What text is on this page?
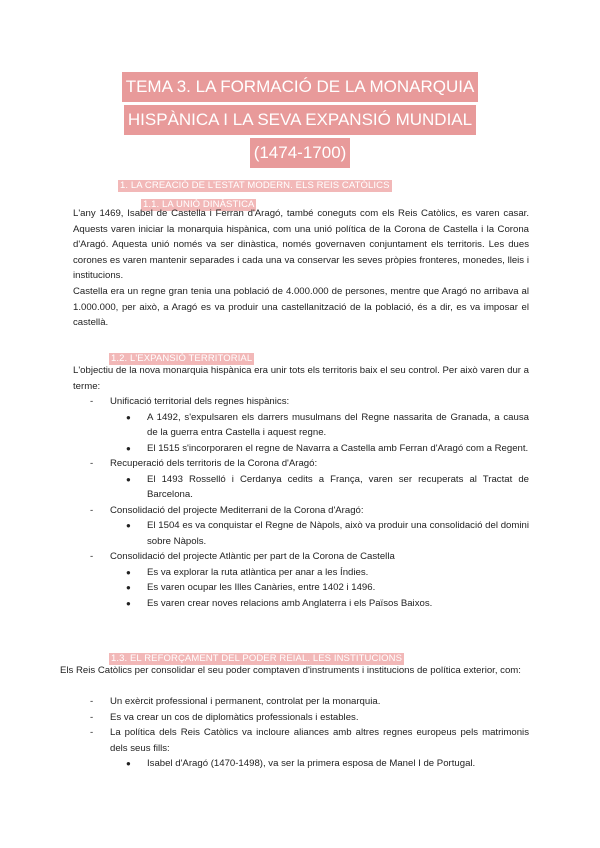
TEMA 3. LA FORMACIÓ DE LA MONARQUIA
HISPÀNICA I LA SEVA EXPANSIÓ MUNDIAL
(1474-1700)
1. LA CREACIÓ DE L'ESTAT MODERN. ELS REIS CATÒLICS
1.1. LA UNIÓ DINÀSTICA

L'any 1469, Isabel de Castella i Ferran d'Aragó, també coneguts com els Reis Catòlics, es varen casar. Aquests varen iniciar la monarquia hispànica, com una unió política de la Corona de Castella i la Corona d'Aragó. Aquesta unió només va ser dinàstica, només governaven conjuntament els territoris. Les dues corones es varen mantenir separades i cada una va conservar les seves pròpies fronteres, monedes, lleis i institucions.

Castella era un regne gran tenia una població de 4.000.000 de persones, mentre que Aragó no arribava al 1.000.000, per això, a Aragó es va produir una castellanització de la població, és a dir, es va imposar el castellà.

1.2. L'EXPANSIÓ TERRITORIAL

L'objectiu de la nova monarquia hispànica era unir tots els territoris baix el seu control. Per això varen dur a terme:

- Unificació territorial dels regnes hispànics:
● A 1492, s'expulsaren els darrers musulmans del Regne nassarita de Granada, a causa de la guerra entra Castella i aquest regne.
● El 1515 s'incorporaren el regne de Navarra a Castella amb Ferran d'Aragó com a Regent.
- Recuperació dels territoris de la Corona d'Aragó:
● El 1493 Rosselló i Cerdanya cedits a França, varen ser recuperats al Tractat de Barcelona.
- Consolidació del projecte Mediterrani de la Corona d'Aragó:
● El 1504 es va conquistar el Regne de Nàpols, això va produir una consolidació del domini sobre Nàpols.
- Consolidació del projecte Atlàntic per part de la Corona de Castella
● Es va explorar la ruta atlàntica per anar a les Índies.
● Es varen ocupar les Illes Canàries, entre 1402 i 1496.
● Es varen crear noves relacions amb Anglaterra i els Països Baixos.
1.3. EL REFORÇAMENT DEL PODER REIAL. LES INSTITUCIONS

Els Reis Catòlics per consolidar el seu poder comptaven d'instruments i institucions de política exterior, com:

- Un exèrcit professional i permanent, controlat per la monarquia.
- Es va crear un cos de diplomàtics professionals i estables.
- La política dels Reis Catòlics va incloure aliances amb altres regnes europeus pels matrimonis dels seus fills:
● Isabel d'Aragó (1470-1498), va ser la primera esposa de Manel I de Portugal.
